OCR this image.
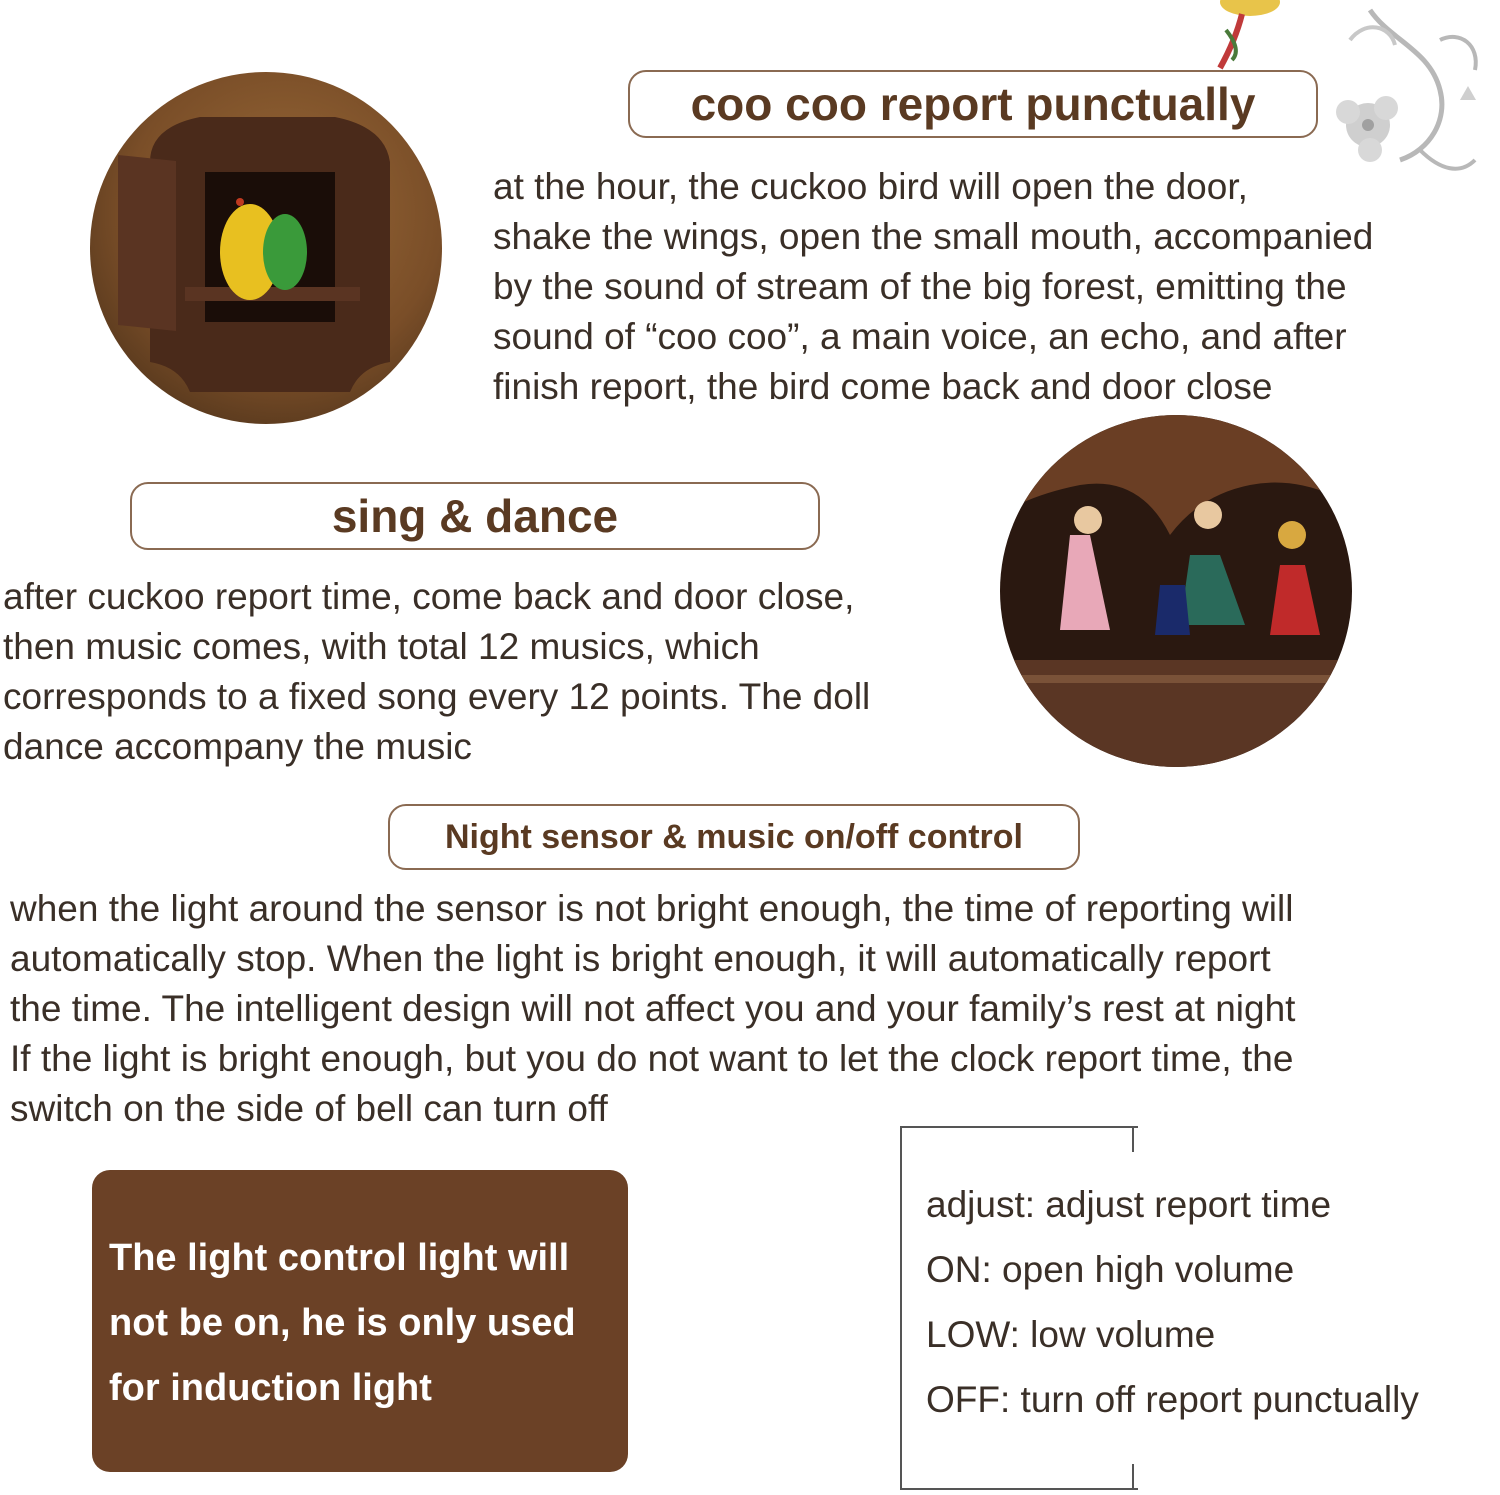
coo coo report punctually

at the hour, the cuckoo bird will open the door,

shake the wings, open the small mouth, accompanied

by the sound of stream of the big forest, emitting the

sound of “coo coo”, a main voice, an echo, and after

finish report, the bird come back and door close

sing & dance

after cuckoo report time, come back and door close,

then music comes, with total 12 musics, which

corresponds to a fixed song every 12 points. The doll

dance accompany the music

Night sensor & music on/off control

when the light around the sensor is not bright enough, the time of reporting will

automatically stop. When the light is bright enough, it will automatically report

the time. The intelligent design will not affect you and your family’s rest at night

If the light is bright enough, but you do not want to let the clock report time, the

switch on the side of bell can turn off

The light control light will

not be on, he is only used

for induction light

adjust: adjust report time

ON: open high volume

LOW: low volume

OFF: turn off report punctually
